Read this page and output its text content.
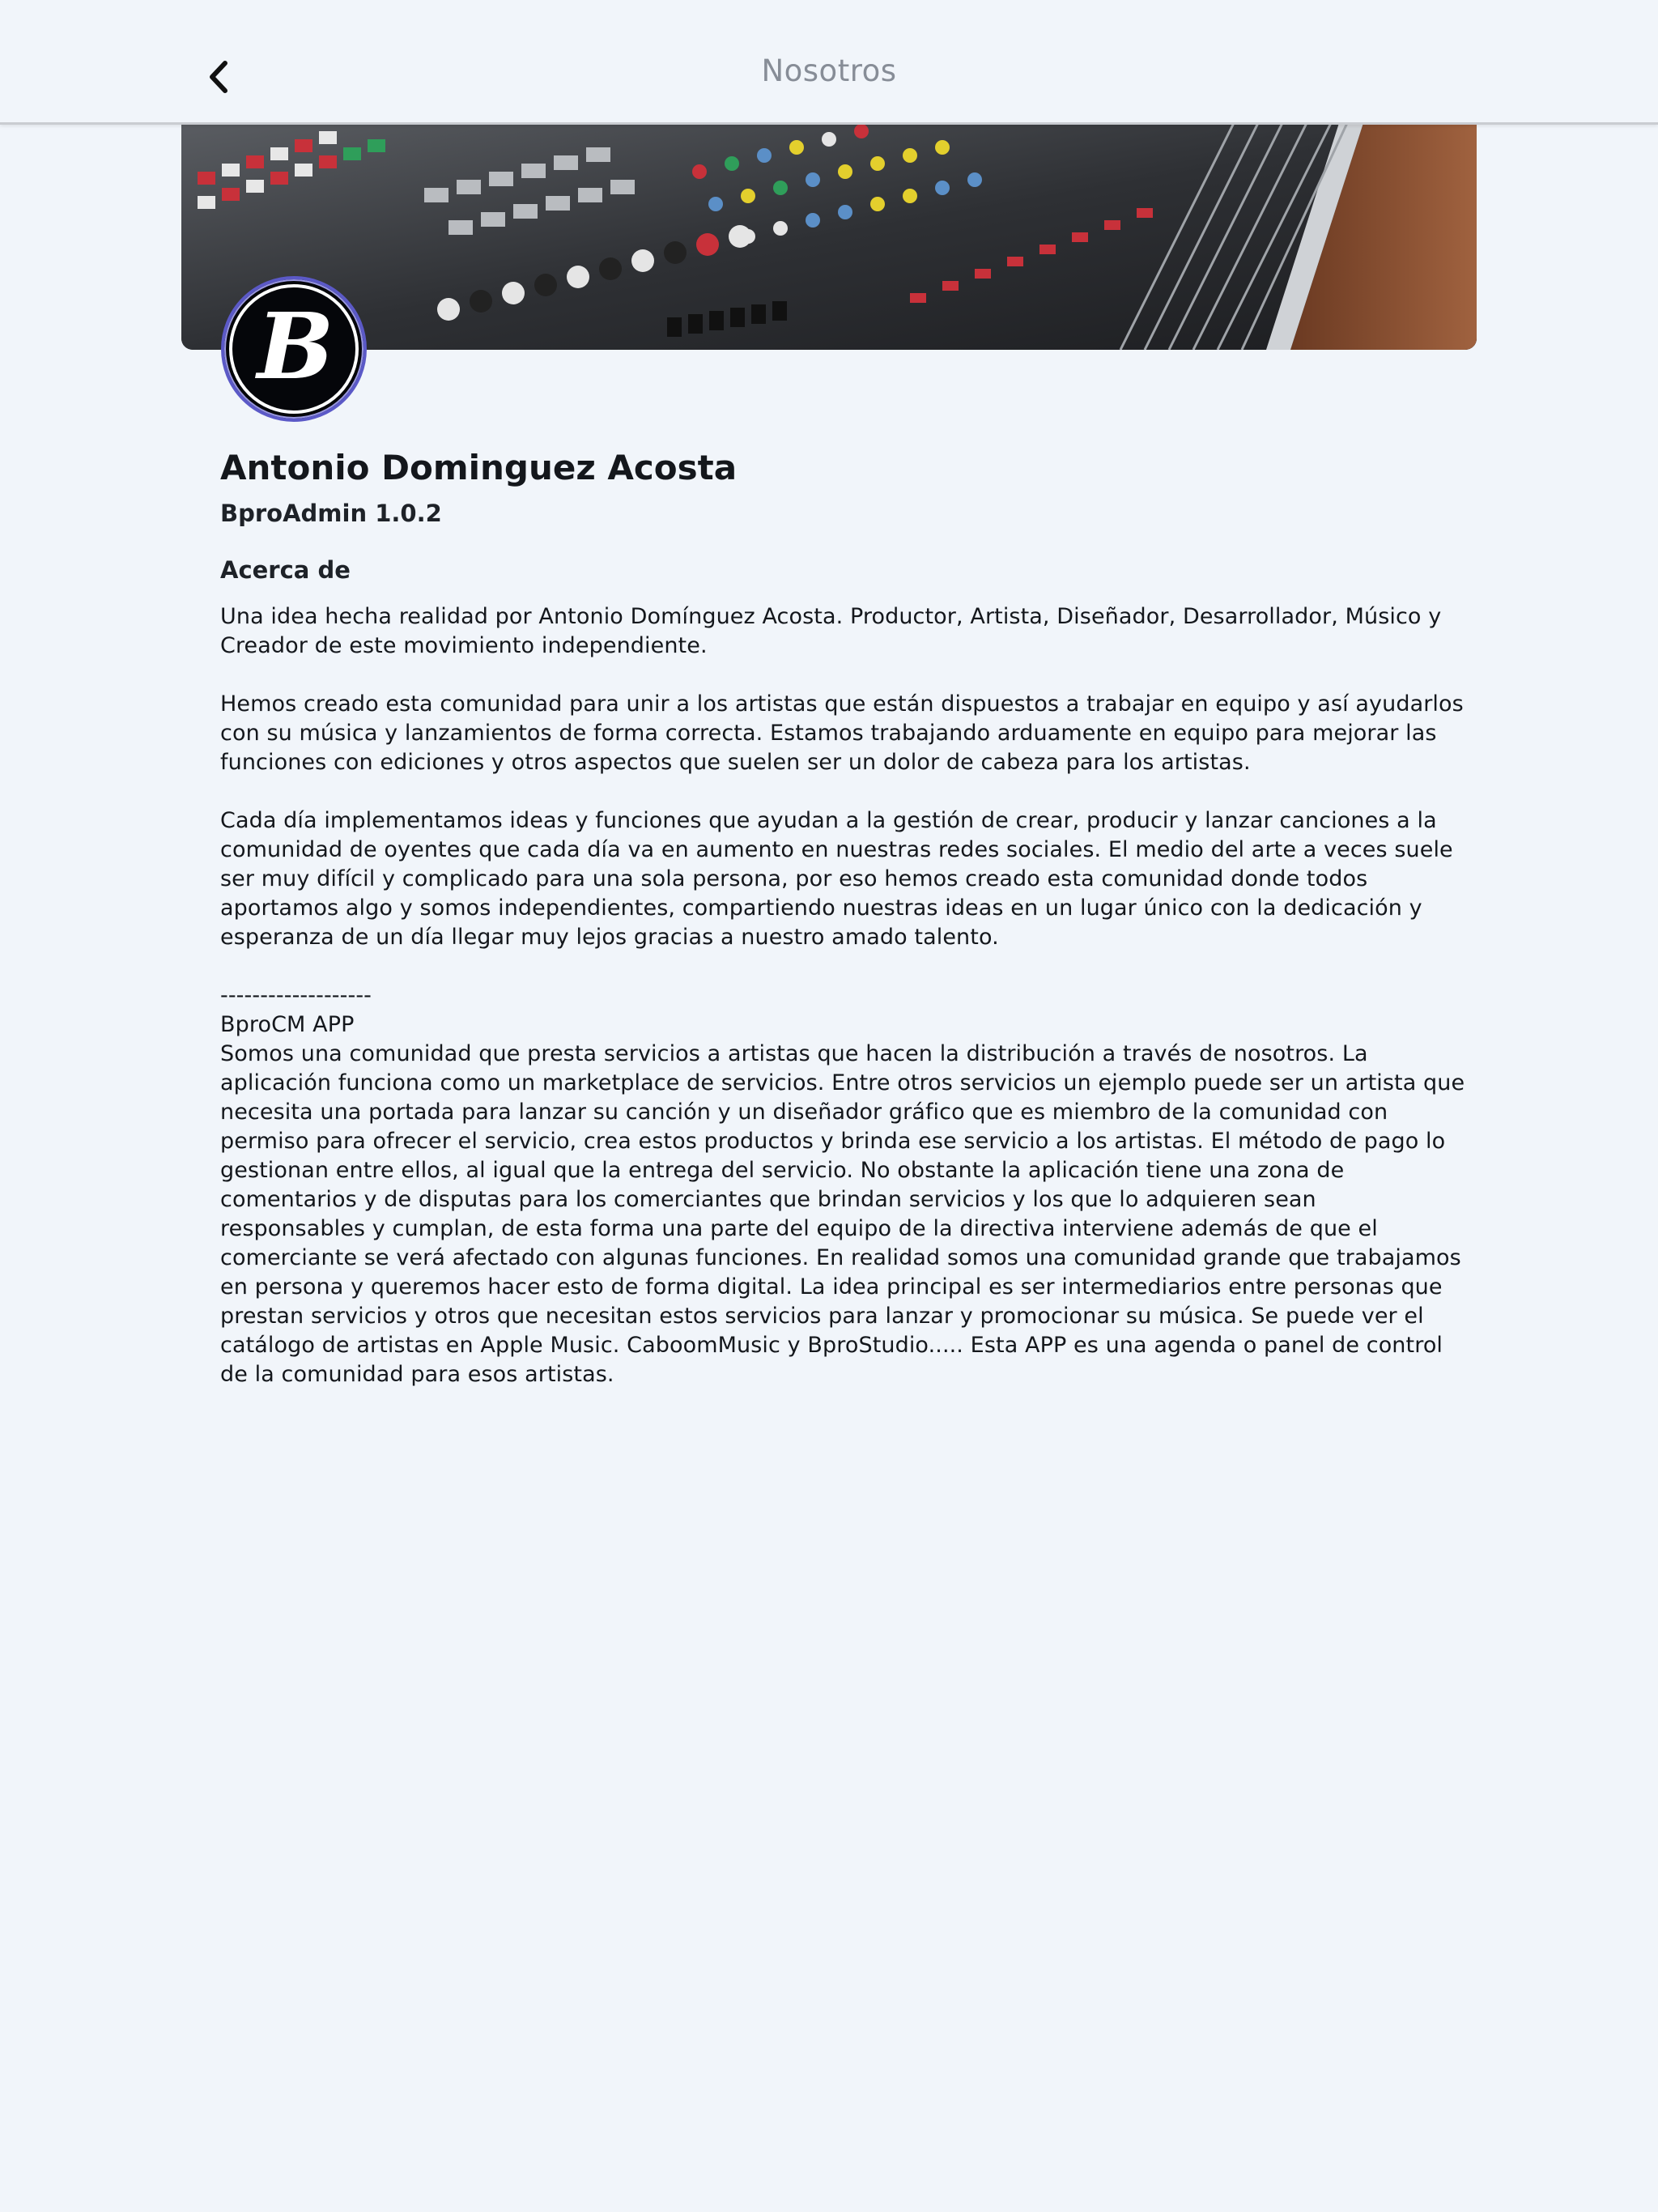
Nosotros
B
Antonio Dominguez Acosta
BproAdmin 1.0.2
Acerca de
Una idea hecha realidad por Antonio Domínguez Acosta. Productor, Artista, Diseñador, Desarrollador, Músico y Creador de este movimiento independiente.

Hemos creado esta comunidad para unir a los artistas que están dispuestos a trabajar en equipo y así ayudarlos con su música y lanzamientos de forma correcta. Estamos trabajando arduamente en equipo para mejorar las funciones con ediciones y otros aspectos que suelen ser un dolor de cabeza para los artistas.

Cada día implementamos ideas y funciones que ayudan a la gestión de crear, producir y lanzar canciones a la comunidad de oyentes que cada día va en aumento en nuestras redes sociales. El medio del arte a veces suele ser muy difícil y complicado para una sola persona, por eso hemos creado esta comunidad donde todos aportamos algo y somos independientes, compartiendo nuestras ideas en un lugar único con la dedicación y esperanza de un día llegar muy lejos gracias a nuestro amado talento.

-------------------
BproCM APP
Somos una comunidad que presta servicios a artistas que hacen la distribución a través de nosotros. La aplicación funciona como un marketplace de servicios. Entre otros servicios un ejemplo puede ser un artista que necesita una portada para lanzar su canción y un diseñador gráfico que es miembro de la comunidad con permiso para ofrecer el servicio, crea estos productos y brinda ese servicio a los artistas. El método de pago lo gestionan entre ellos, al igual que la entrega del servicio. No obstante la aplicación tiene una zona de comentarios y de disputas para los comerciantes que brindan servicios y los que lo adquieren sean responsables y cumplan, de esta forma una parte del equipo de la directiva interviene además de que el comerciante se verá afectado con algunas funciones. En realidad somos una comunidad grande que trabajamos en persona y queremos hacer esto de forma digital. La idea principal es ser intermediarios entre personas que prestan servicios y otros que necesitan estos servicios para lanzar y promocionar su música. Se puede ver el catálogo de artistas en Apple Music. CaboomMusic y BproStudio..... Esta APP es una agenda o panel de control de la comunidad para esos artistas.
